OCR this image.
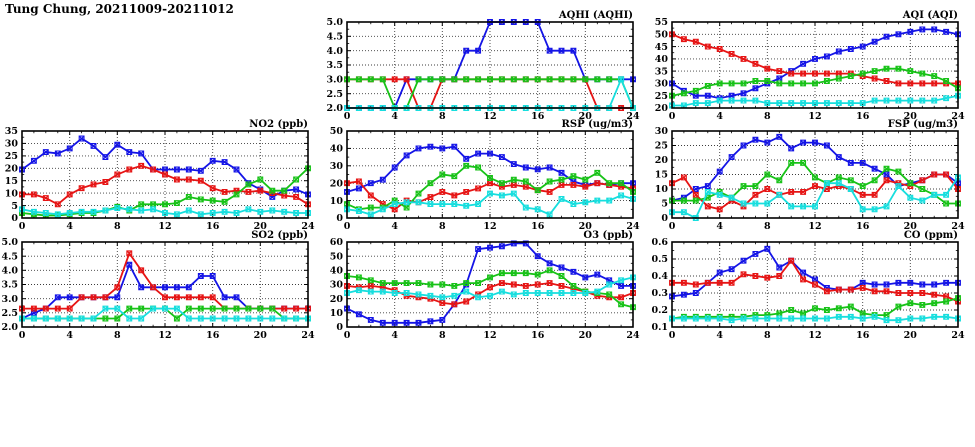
Tung Chung, 20211009-20211012
2.0
2.5
3.0
3.5
4.0
4.5
5.0
0	4	8	12	16	20	24
AQHI (AQHI)
20
25
30
35
40
45
50
55
0	4	8	12	16	20	24
AQI (AQI)
0
5
10
15
20
25
30
35
0	4	8	12	16	20	24
NO2 (ppb)
0
10
20
30
40
50
0	4	8	12	16	20	24
RSP (ug/m3)
0
5
10
15
20
25
30
0	4	8	12	16	20	24
FSP (ug/m3)
2.0
2.5
3.0
3.5
4.0
4.5
5.0
0	4	8	12	16	20	24
SO2 (ppb)
0
10
20
30
40
50
60
0	4	8	12	16	20	24
O3 (ppb)
0.1
0.2
0.3
0.4
0.5
0.6
0	4	8	12	16	20	24
CO (ppm)
